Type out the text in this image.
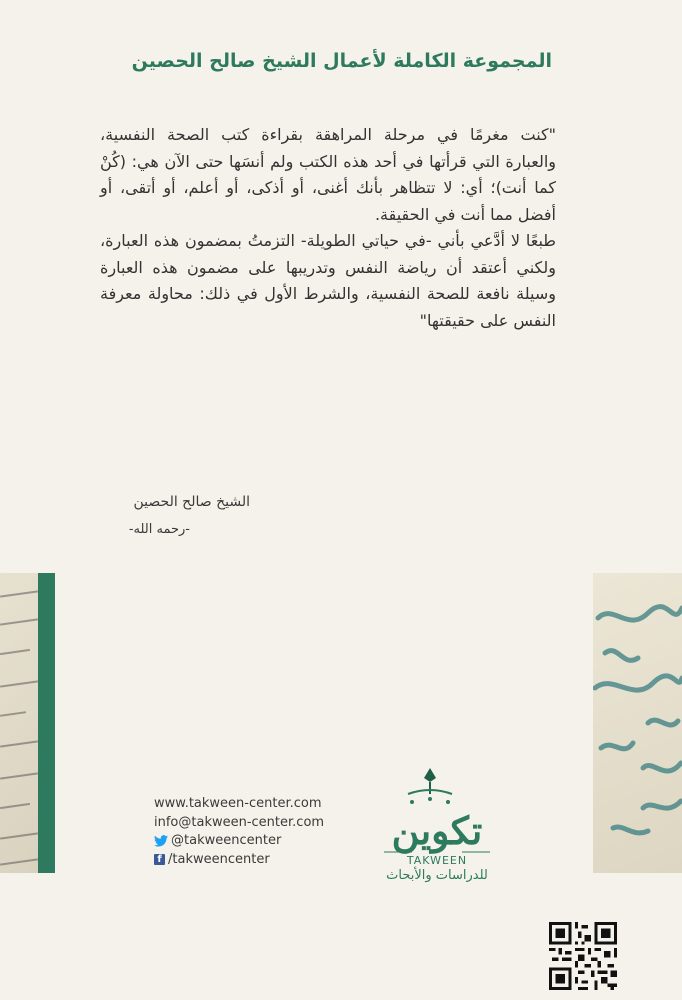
المجموعة الكاملة لأعمال الشيخ صالح الحصين

"كنت مغرمًا في مرحلة المراهقة بقراءة كتب الصحة النفسية، والعبارة التي قرأتها في أحد هذه الكتب ولم أنسَها حتى الآن هي: (كُنْ كما أنت)؛ أي: لا تتظاهر بأنك أغنى، أو أذكى، أو أعلم، أو أتقى، أو أفضل مما أنت في الحقيقة.

طبعًا لا أدَّعي بأني -في حياتي الطويلة- التزمتُ بمضمون هذه العبارة، ولكني أعتقد أن رياضة النفس وتدريبها على مضمون هذه العبارة وسيلة نافعة للصحة النفسية، والشرط الأول في ذلك: محاولة معرفة النفس على حقيقتها"

الشيخ صالح الحصين
-رحمه الله-
www.takween-center.com
info@takween-center.com
@takweencenter
f /takweencenter
تكوين
TAKWEEN
للدراسات والأبحاث
